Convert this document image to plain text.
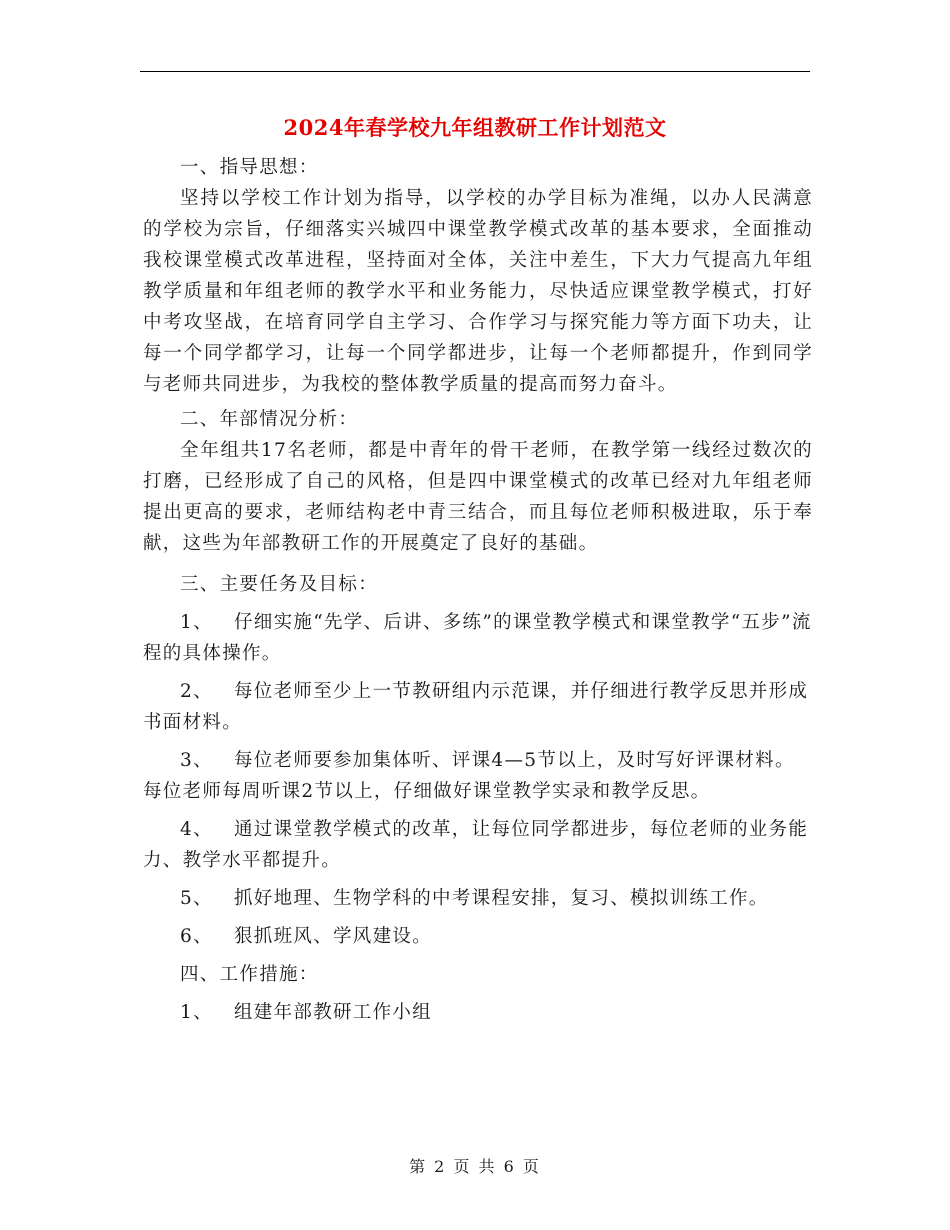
2024年春学校九年组教研工作计划范文

一、指导思想：

坚持以学校工作计划为指导，以学校的办学目标为准绳，以办人民满意的学校为宗旨，仔细落实兴城四中课堂教学模式改革的基本要求，全面推动我校课堂模式改革进程，坚持面对全体，关注中差生，下大力气提高九年组教学质量和年组老师的教学水平和业务能力，尽快适应课堂教学模式，打好中考攻坚战，在培育同学自主学习、合作学习与探究能力等方面下功夫，让每一个同学都学习，让每一个同学都进步，让每一个老师都提升，作到同学与老师共同进步，为我校的整体教学质量的提高而努力奋斗。

二、年部情况分析：

全年组共17名老师，都是中青年的骨干老师，在教学第一线经过数次的打磨，已经形成了自己的风格，但是四中课堂模式的改革已经对九年组老师提出更高的要求，老师结构老中青三结合，而且每位老师积极进取，乐于奉献，这些为年部教研工作的开展奠定了良好的基础。

三、主要任务及目标：

1、 仔细实施“先学、后讲、多练”的课堂教学模式和课堂教学“五步”流程的具体操作。

2、 每位老师至少上一节教研组内示范课，并仔细进行教学反思并形成书面材料。

3、 每位老师要参加集体听、评课4—5节以上，及时写好评课材料。每位老师每周听课2节以上，仔细做好课堂教学实录和教学反思。

4、 通过课堂教学模式的改革，让每位同学都进步，每位老师的业务能力、教学水平都提升。

5、 抓好地理、生物学科的中考课程安排，复习、模拟训练工作。

6、 狠抓班风、学风建设。

四、工作措施：

1、 组建年部教研工作小组

第 2 页 共 6 页
